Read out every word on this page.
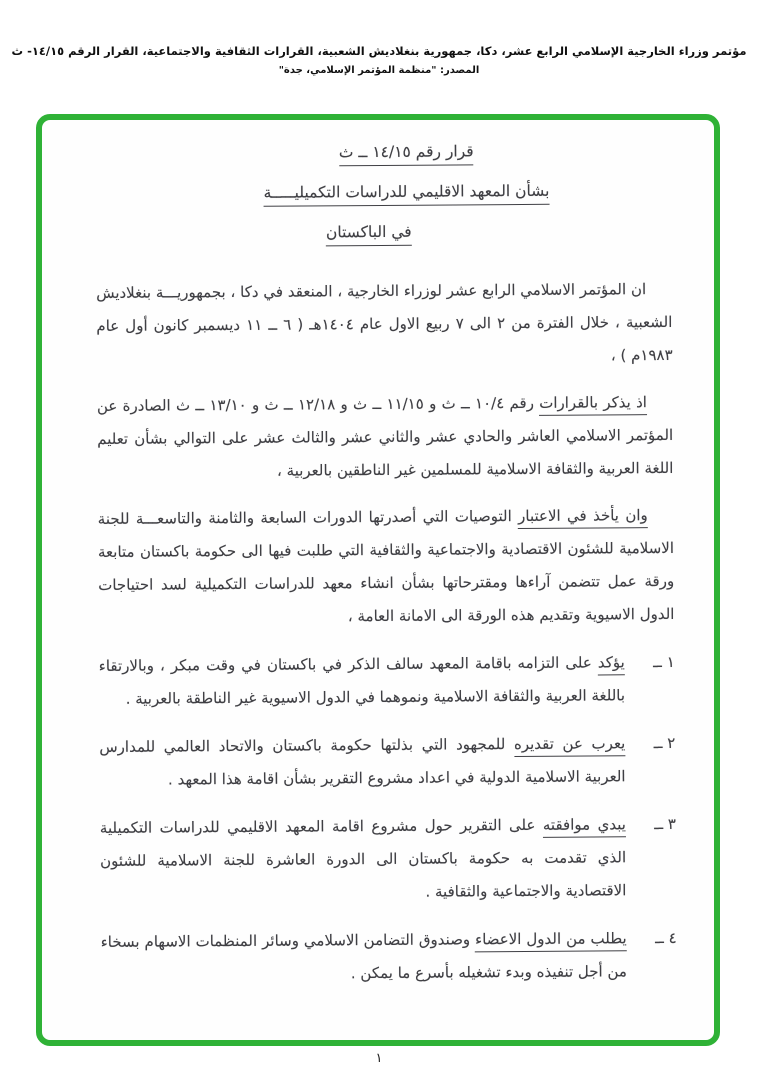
مؤتمر وزراء الخارجية الإسلامي الرابع عشر، دكا، جمهورية بنغلاديش الشعبية، القرارات الثقافية والاجتماعية، القرار الرقم ١٤/١٥- ث
المصدر: "منظمة المؤتمر الإسلامي، جدة"
قرار رقم ١٤/١٥ ــ ث
بشأن المعهد الاقليمي للدراسات التكميليـــــة
في الباكستان

ان المؤتمر الاسلامي الرابع عشر لوزراء الخارجية ، المنعقد في دكا ، بجمهوريـــة بنغلاديش الشعبية ، خلال الفترة من ٢ الى ٧ ربيع الاول عام ١٤٠٤هـ ( ٦ ــ ١١ ديسمبر كانون أول عام ١٩٨٣م ) ،

اذ يذكر بالقرارات رقم ١٠/٤ ــ ث و ١١/١٥ ــ ث و ١٢/١٨ ــ ث و ١٣/١٠ ــ ث الصادرة عن المؤتمر الاسلامي العاشر والحادي عشر والثاني عشر والثالث عشر على التوالي بشأن تعليم اللغة العربية والثقافة الاسلامية للمسلمين غير الناطقين بالعربية ،

وان يأخذ في الاعتبار التوصيات التي أصدرتها الدورات السابعة والثامنة والتاسعـــة للجنة الاسلامية للشئون الاقتصادية والاجتماعية والثقافية التي طلبت فيها الى حكومة باكستان متابعة ورقة عمل تتضمن آراءها ومقترحاتها بشأن انشاء معهد للدراسات التكميلية لسد احتياجات الدول الاسيوية وتقديم هذه الورقة الى الامانة العامة ،

١ ــ

يؤكد على التزامه باقامة المعهد سالف الذكر في باكستان في وقت مبكر ، وبالارتقاء باللغة العربية والثقافة الاسلامية ونموهما في الدول الاسيوية غير الناطقة بالعربية .

٢ ــ

يعرب عن تقديره للمجهود التي بذلتها حكومة باكستان والاتحاد العالمي للمدارس العربية الاسلامية الدولية في اعداد مشروع التقرير بشأن اقامة هذا المعهد .

٣ ــ

يبدي موافقته على التقرير حول مشروع اقامة المعهد الاقليمي للدراسات التكميلية الذي تقدمت به حكومة باكستان الى الدورة العاشرة للجنة الاسلامية للشئون الاقتصادية والاجتماعية والثقافية .

٤ ــ

يطلب من الدول الاعضاء وصندوق التضامن الاسلامي وسائر المنظمات الاسهام بسخاء من أجل تنفيذه وبدء تشغيله بأسرع ما يمكن .

١
